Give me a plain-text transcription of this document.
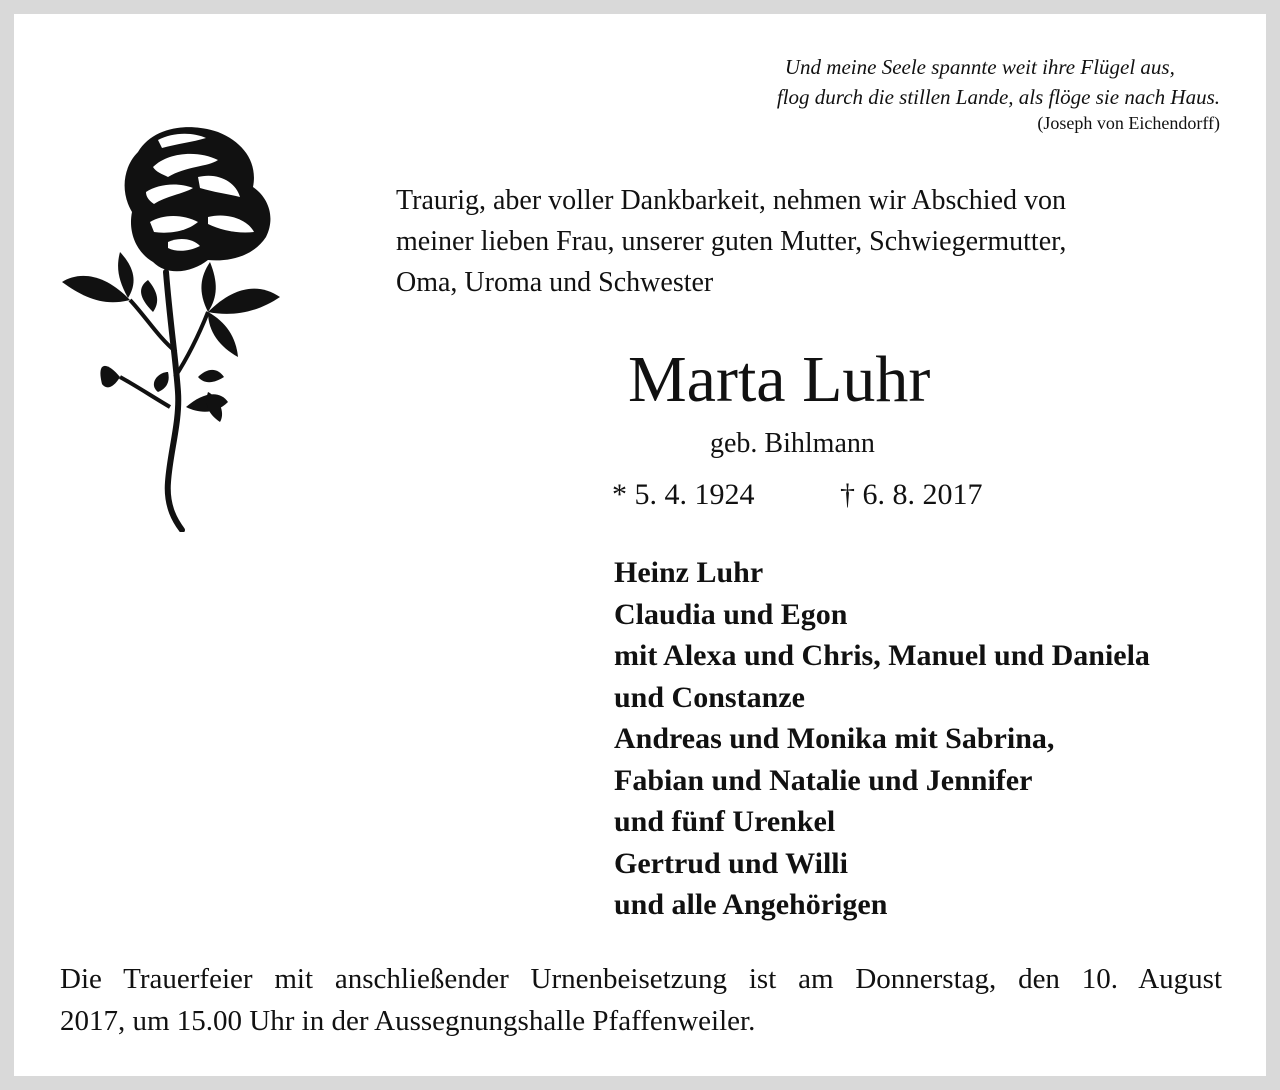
Und meine Seele spannte weit ihre Flügel aus,
flog durch die stillen Lande, als flöge sie nach Haus.
(Joseph von Eichendorff)
Traurig, aber voller Dankbarkeit, nehmen wir Abschied von
meiner lieben Frau, unserer guten Mutter, Schwiegermutter,
Oma, Uroma und Schwester
Marta Luhr
geb. Bihlmann
* 5. 4. 1924	† 6. 8. 2017
Heinz Luhr
Claudia und Egon
mit Alexa und Chris, Manuel und Daniela
und Constanze
Andreas und Monika mit Sabrina,
Fabian und Natalie und Jennifer
und fünf Urenkel
Gertrud und Willi
und alle Angehörigen
Die Trauerfeier mit anschließender Urnenbeisetzung ist am Donnerstag, den 10. August
2017, um 15.00 Uhr in der Aussegnungshalle Pfaffenweiler.
